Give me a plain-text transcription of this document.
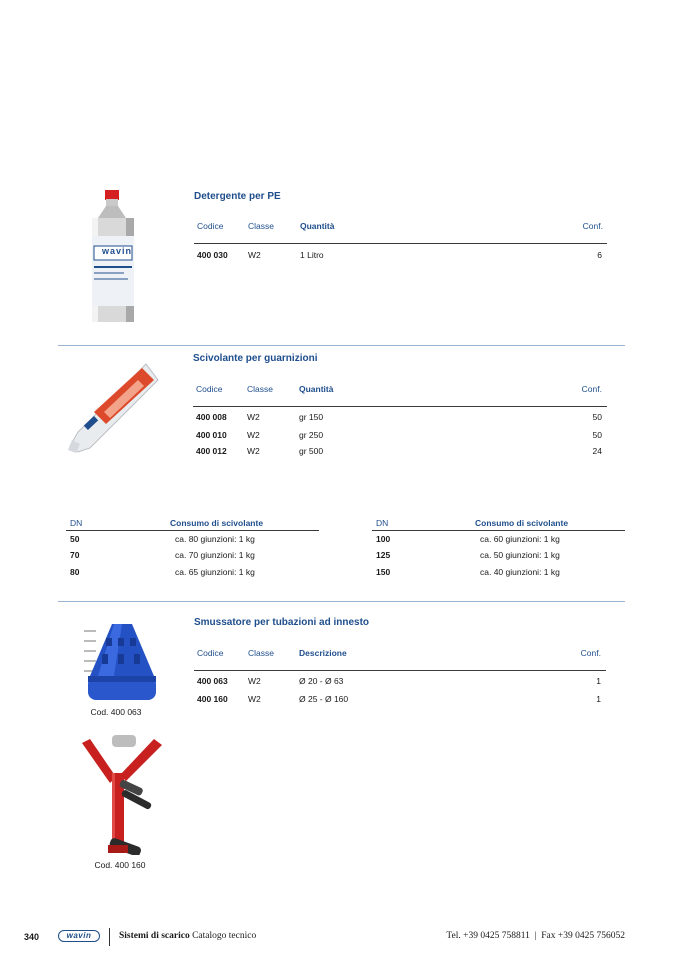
wavin
Detergente per PE
Codice	Classe	Quantità	Conf.
400 030 W2	1 Litro	6
Scivolante per guarnizioni
Codice	Classe	Quantità	Conf.
400 008 W2	gr 150	50
400 010 W2	gr 250	50
400 012 W2	gr 500	24
DN	Consumo di scivolante
50	ca. 80 giunzioni: 1 kg
70	ca. 70 giunzioni: 1 kg
80	ca. 65 giunzioni: 1 kg
DN	Consumo di scivolante
100	ca. 60 giunzioni: 1 kg
125	ca. 50 giunzioni: 1 kg
150	ca. 40 giunzioni: 1 kg
Cod. 400 063
Cod. 400 160
Smussatore per tubazioni ad innesto
Codice	Classe	Descrizione	Conf.
400 063 W2	Ø 20 - Ø 63	1
400 160 W2	Ø 25 - Ø 160	1
340	wavin	Sistemi di scarico Catalogo tecnico	Tel. +39 0425 758811  |  Fax +39 0425 756052
